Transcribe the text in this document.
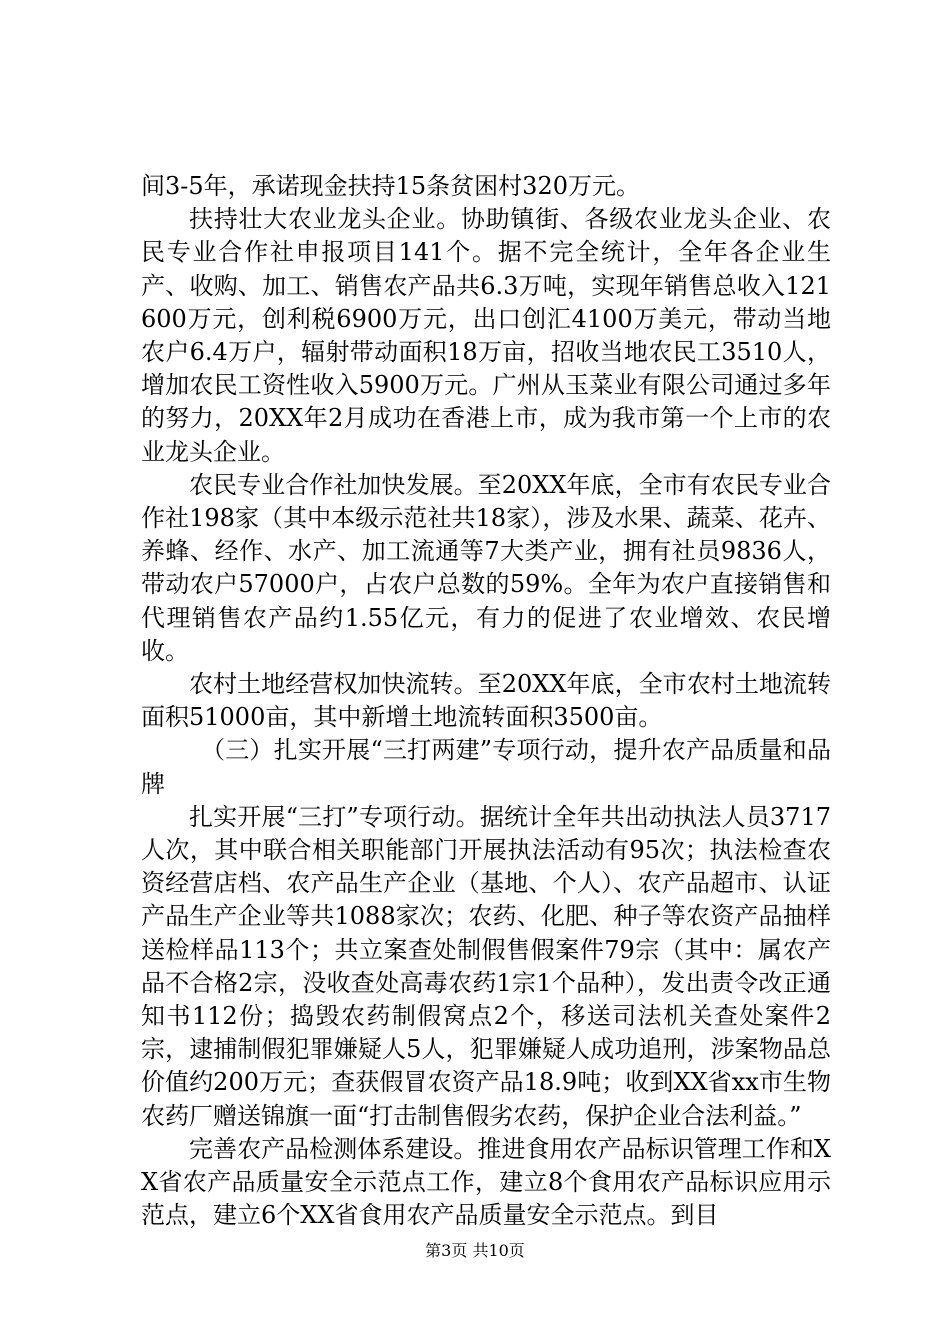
间3-5年，承诺现金扶持15条贫困村320万元。

扶持壮大农业龙头企业。协助镇街、各级农业龙头企业、农民专业合作社申报项目141个。据不完全统计，全年各企业生产、收购、加工、销售农产品共6.3万吨，实现年销售总收入121600万元，创利税6900万元，出口创汇4100万美元，带动当地农户6.4万户，辐射带动面积18万亩，招收当地农民工3510人，增加农民工资性收入5900万元。广州从玉菜业有限公司通过多年的努力，20XX年2月成功在香港上市，成为我市第一个上市的农业龙头企业。

农民专业合作社加快发展。至20XX年底，全市有农民专业合作社198家（其中本级示范社共18家），涉及水果、蔬菜、花卉、养蜂、经作、水产、加工流通等7大类产业，拥有社员9836人，带动农户57000户，占农户总数的59%。全年为农户直接销售和代理销售农产品约1.55亿元，有力的促进了农业增效、农民增收。

农村土地经营权加快流转。至20XX年底，全市农村土地流转面积51000亩，其中新增土地流转面积3500亩。

（三）扎实开展“三打两建”专项行动，提升农产品质量和品牌

扎实开展“三打”专项行动。据统计全年共出动执法人员3717人次，其中联合相关职能部门开展执法活动有95次；执法检查农资经营店档、农产品生产企业（基地、个人）、农产品超市、认证产品生产企业等共1088家次；农药、化肥、种子等农资产品抽样送检样品113个；共立案查处制假售假案件79宗（其中：属农产品不合格2宗，没收查处高毒农药1宗1个品种），发出责令改正通知书112份；捣毁农药制假窝点2个，移送司法机关查处案件2宗，逮捕制假犯罪嫌疑人5人，犯罪嫌疑人成功追刑，涉案物品总价值约200万元；查获假冒农资产品18.9吨；收到XX省xx市生物农药厂赠送锦旗一面“打击制售假劣农药，保护企业合法利益。”

完善农产品检测体系建设。推进食用农产品标识管理工作和XX省农产品质量安全示范点工作，建立8个食用农产品标识应用示范点，建立6个XX省食用农产品质量安全示范点。到目

第3页 共10页
